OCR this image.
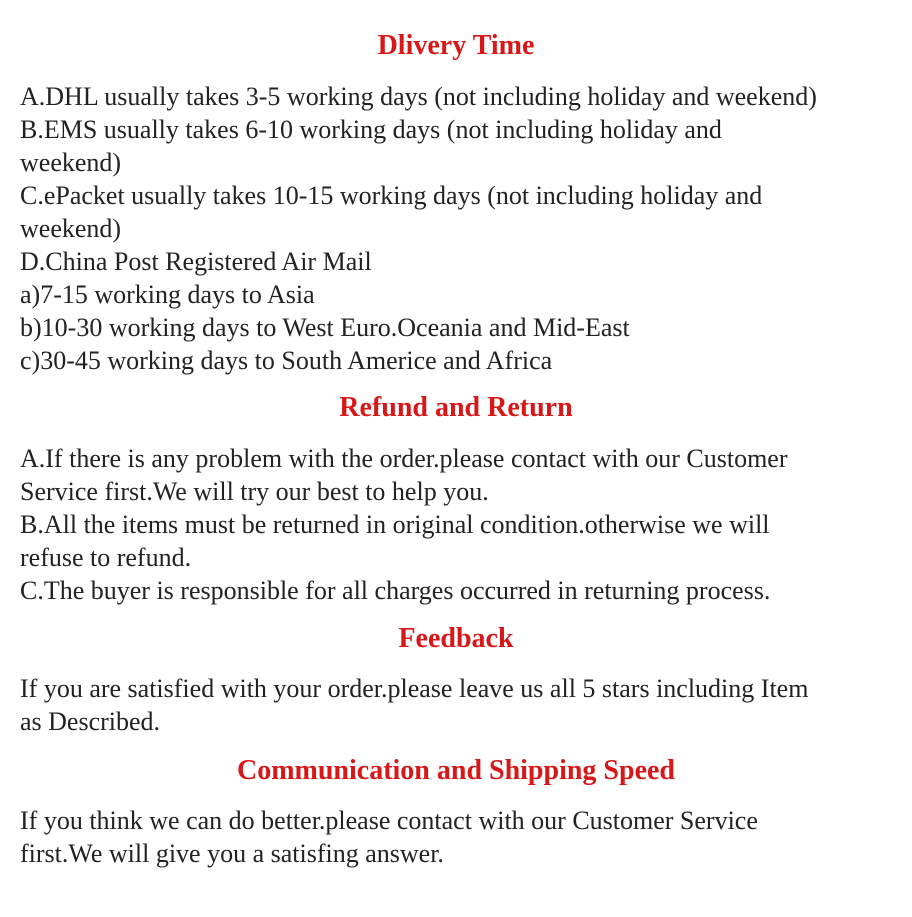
Dlivery Time
A.DHL usually takes 3-5 working days (not including holiday and weekend)
B.EMS usually takes 6-10 working days (not including holiday and
weekend)
C.ePacket usually takes 10-15 working days (not including holiday and
weekend)
D.China Post Registered Air Mail
a)7-15 working days to Asia
b)10-30 working days to West Euro.Oceania and Mid-East
c)30-45 working days to South Americe and Africa
Refund and Return
A.If there is any problem with the order.please contact with our Customer
Service first.We will try our best to help you.
B.All the items must be returned in original condition.otherwise we will
refuse to refund.
C.The buyer is responsible for all charges occurred in returning process.
Feedback
If you are satisfied with your order.please leave us all 5 stars including Item
as Described.
Communication and Shipping Speed
If you think we can do better.please contact with our Customer Service
first.We will give you a satisfing answer.
